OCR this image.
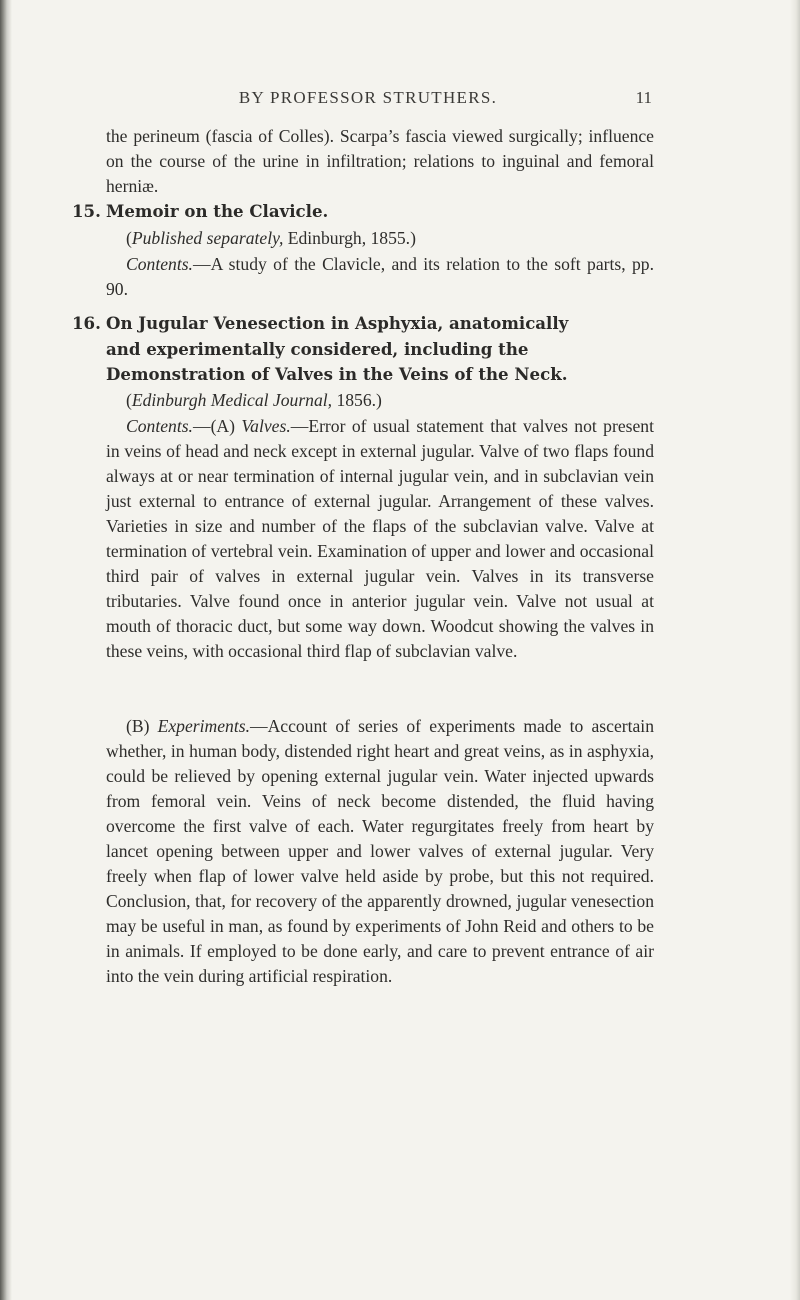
BY PROFESSOR STRUTHERS.	11

the perineum (fascia of Colles). Scarpa’s fascia viewed surgically; influence on the course of the urine in infiltration; relations to inguinal and femoral herniæ.

15. Memoir on the Clavicle.
(Published separately, Edinburgh, 1855.)

Contents.—A study of the Clavicle, and its relation to the soft parts, pp. 90.

16. On Jugular Venesection in Asphyxia, anatomically
and experimentally considered, including the Demonstration of Valves in the Veins of the Neck.
(Edinburgh Medical Journal, 1856.)

Contents.—(A) Valves.—Error of usual statement that valves not present in veins of head and neck except in external jugular. Valve of two flaps found always at or near termination of internal jugular vein, and in subclavian vein just external to entrance of external jugular. Arrangement of these valves. Varieties in size and number of the flaps of the subclavian valve. Valve at termination of vertebral vein. Examination of upper and lower and occasional third pair of valves in external jugular vein. Valves in its transverse tributaries. Valve found once in anterior jugular vein. Valve not usual at mouth of thoracic duct, but some way down. Woodcut showing the valves in these veins, with occasional third flap of subclavian valve.

(B) Experiments.—Account of series of experiments made to ascertain whether, in human body, distended right heart and great veins, as in asphyxia, could be relieved by opening external jugular vein. Water injected upwards from femoral vein. Veins of neck become distended, the fluid having overcome the first valve of each. Water regurgitates freely from heart by lancet opening between upper and lower valves of external jugular. Very freely when flap of lower valve held aside by probe, but this not required. Conclusion, that, for recovery of the apparently drowned, jugular venesection may be useful in man, as found by experiments of John Reid and others to be in animals. If employed to be done early, and care to prevent entrance of air into the vein during artificial respiration.
